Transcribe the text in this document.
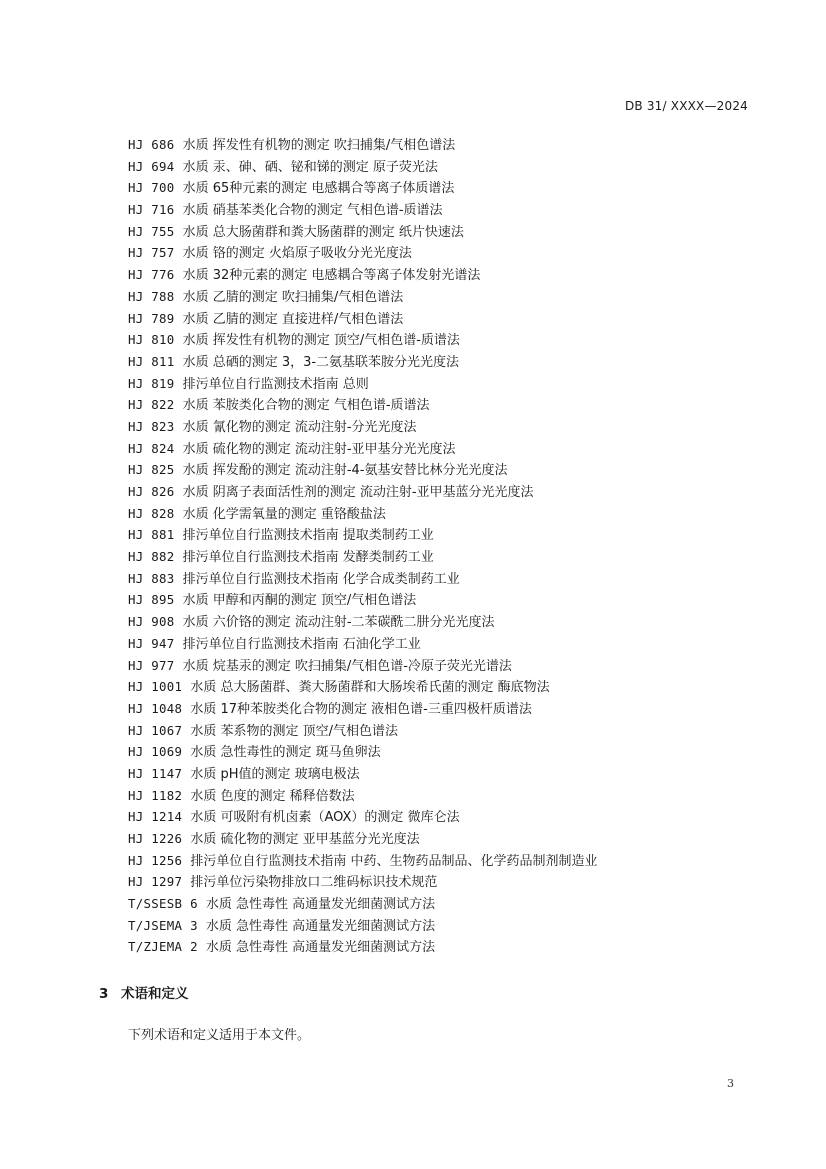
DB 31/ XXXX—2024
HJ 686 水质 挥发性有机物的测定 吹扫捕集/气相色谱法
HJ 694 水质 汞、砷、硒、铋和锑的测定 原子荧光法
HJ 700 水质 65种元素的测定 电感耦合等离子体质谱法
HJ 716 水质 硝基苯类化合物的测定 气相色谱-质谱法
HJ 755 水质 总大肠菌群和粪大肠菌群的测定 纸片快速法
HJ 757 水质 铬的测定 火焰原子吸收分光光度法
HJ 776 水质 32种元素的测定 电感耦合等离子体发射光谱法
HJ 788 水质 乙腈的测定 吹扫捕集/气相色谱法
HJ 789 水质 乙腈的测定 直接进样/气相色谱法
HJ 810 水质 挥发性有机物的测定 顶空/气相色谱-质谱法
HJ 811 水质 总硒的测定 3，3-二氨基联苯胺分光光度法
HJ 819 排污单位自行监测技术指南 总则
HJ 822 水质 苯胺类化合物的测定 气相色谱-质谱法
HJ 823 水质 氰化物的测定 流动注射-分光光度法
HJ 824 水质 硫化物的测定 流动注射-亚甲基分光光度法
HJ 825 水质 挥发酚的测定 流动注射-4-氨基安替比林分光光度法
HJ 826 水质 阴离子表面活性剂的测定 流动注射-亚甲基蓝分光光度法
HJ 828 水质 化学需氧量的测定 重铬酸盐法
HJ 881 排污单位自行监测技术指南 提取类制药工业
HJ 882 排污单位自行监测技术指南 发酵类制药工业
HJ 883 排污单位自行监测技术指南 化学合成类制药工业
HJ 895 水质 甲醇和丙酮的测定 顶空/气相色谱法
HJ 908 水质 六价铬的测定 流动注射-二苯碳酰二肼分光光度法
HJ 947 排污单位自行监测技术指南 石油化学工业
HJ 977 水质 烷基汞的测定 吹扫捕集/气相色谱-冷原子荧光光谱法
HJ 1001 水质 总大肠菌群、粪大肠菌群和大肠埃希氏菌的测定 酶底物法
HJ 1048 水质 17种苯胺类化合物的测定 液相色谱-三重四极杆质谱法
HJ 1067 水质 苯系物的测定 顶空/气相色谱法
HJ 1069 水质 急性毒性的测定 斑马鱼卵法
HJ 1147 水质 pH值的测定 玻璃电极法
HJ 1182 水质 色度的测定 稀释倍数法
HJ 1214 水质 可吸附有机卤素（AOX）的测定 微库仑法
HJ 1226 水质 硫化物的测定 亚甲基蓝分光光度法
HJ 1256 排污单位自行监测技术指南 中药、生物药品制品、化学药品制剂制造业
HJ 1297 排污单位污染物排放口二维码标识技术规范
T/SSESB 6 水质 急性毒性 高通量发光细菌测试方法
T/JSEMA 3 水质 急性毒性 高通量发光细菌测试方法
T/ZJEMA 2 水质 急性毒性 高通量发光细菌测试方法
3 术语和定义
下列术语和定义适用于本文件。
3
